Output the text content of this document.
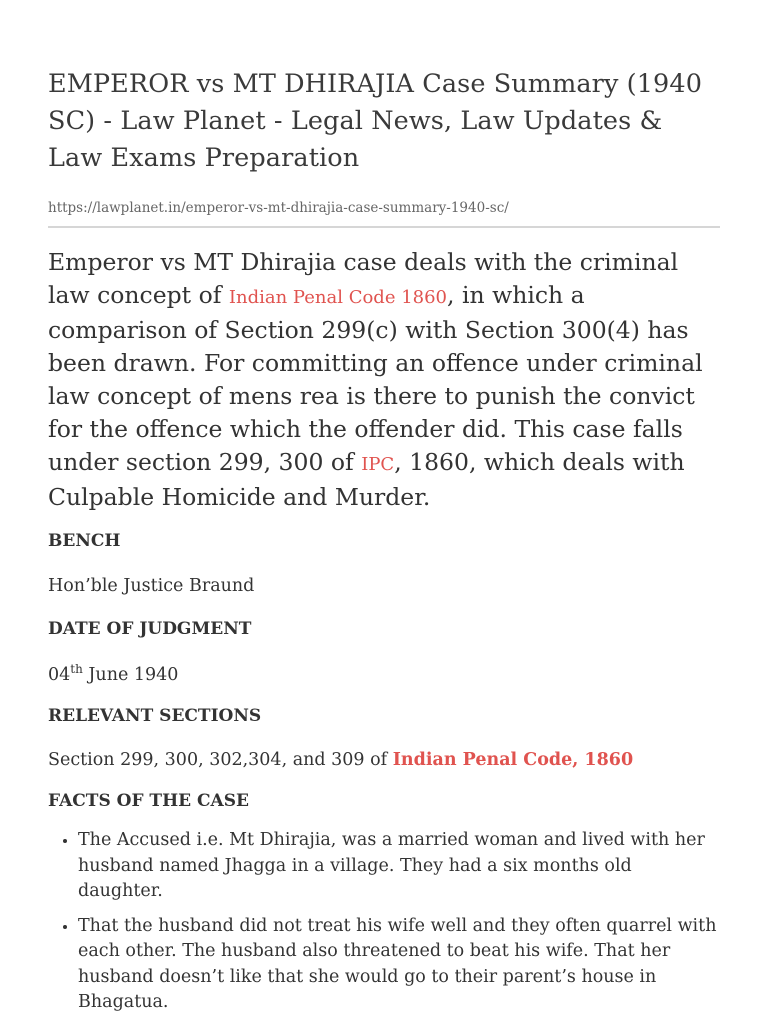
EMPEROR vs MT DHIRAJIA Case Summary (1940 SC) - Law Planet - Legal News, Law Updates & Law Exams Preparation
https://lawplanet.in/emperor-vs-mt-dhirajia-case-summary-1940-sc/

Emperor vs MT Dhirajia case deals with the criminal law concept of Indian Penal Code 1860, in which a comparison of Section 299(c) with Section 300(4) has been drawn. For committing an offence under criminal law concept of mens rea is there to punish the convict for the offence which the offender did. This case falls under section 299, 300 of IPC, 1860, which deals with Culpable Homicide and Murder.

BENCH

Hon’ble Justice Braund

DATE OF JUDGMENT

04th June 1940

RELEVANT SECTIONS

Section 299, 300, 302,304, and 309 of Indian Penal Code, 1860

FACTS OF THE CASE
• The Accused i.e. Mt Dhirajia, was a married woman and lived with her husband named Jhagga in a village. They had a six months old daughter.
• That the husband did not treat his wife well and they often quarrel with each other. The husband also threatened to beat his wife. That her husband doesn’t like that she would go to their parent’s house in Bhagatua.
